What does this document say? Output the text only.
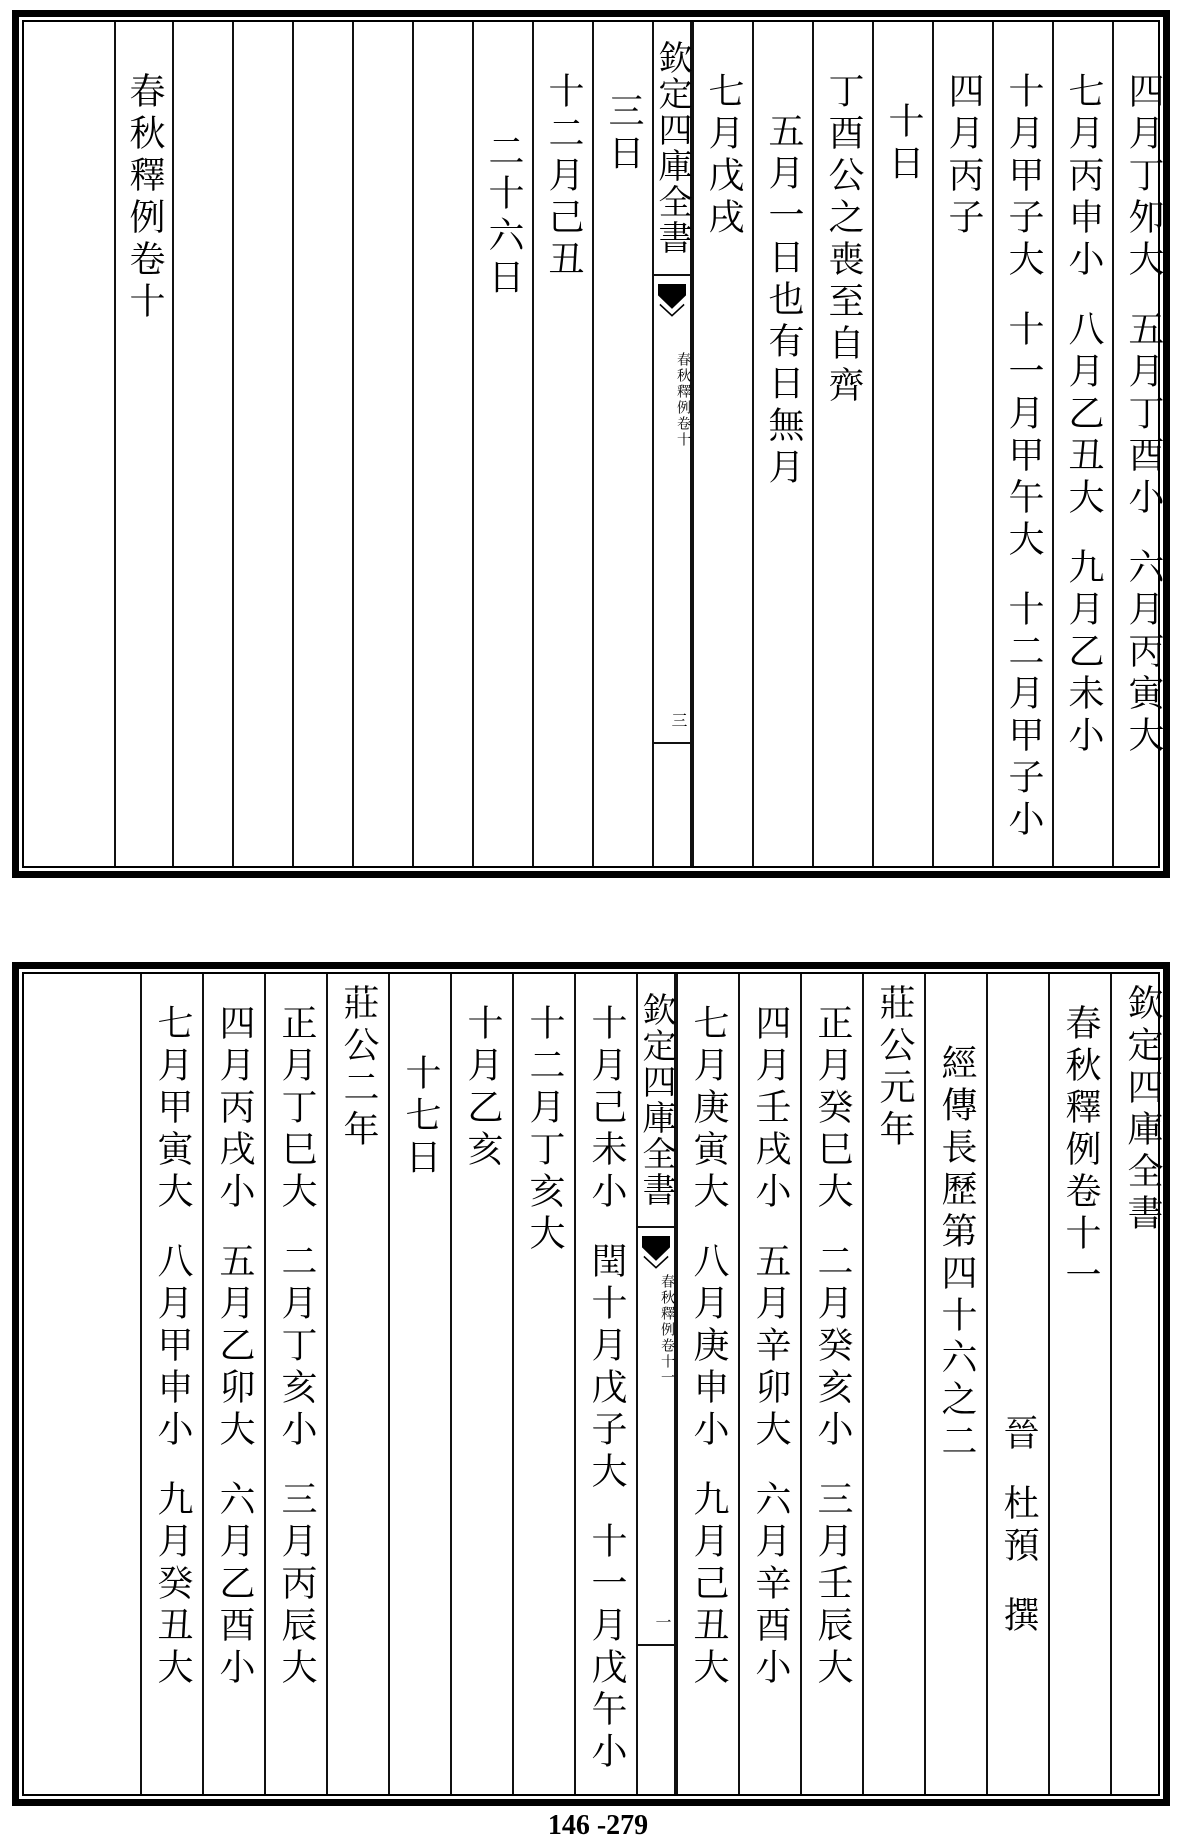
四月丁夘大
五月丁酉小
六月丙寅大
七月丙申小
八月乙丑大
九月乙未小
十月甲子大
十一月甲午大
十二月甲子小
四月丙子
十日
丁酉公之喪至自齊
五月一日也有日無月
七月戊戌
欽定四庫全書
春秋釋例
卷十
三
三日
十二月己丑
二十六日
春秋釋例卷十
欽定四庫全書
春秋釋例卷十一
晉
杜預
撰
經傳長歷第四十六之二
莊公元年
正月癸巳大
二月癸亥小
三月壬辰大
四月壬戌小
五月辛卯大
六月辛酉小
七月庚寅大
八月庚申小
九月己丑大
欽定四庫全書
春秋釋例
卷十一
一
十月己未小
閏十月戊子大
十一月戊午小
十二月丁亥大
十月乙亥
十七日
莊公二年
正月丁巳大
二月丁亥小
三月丙辰大
四月丙戌小
五月乙卯大
六月乙酉小
七月甲寅大
八月甲申小
九月癸丑大
146 -279
